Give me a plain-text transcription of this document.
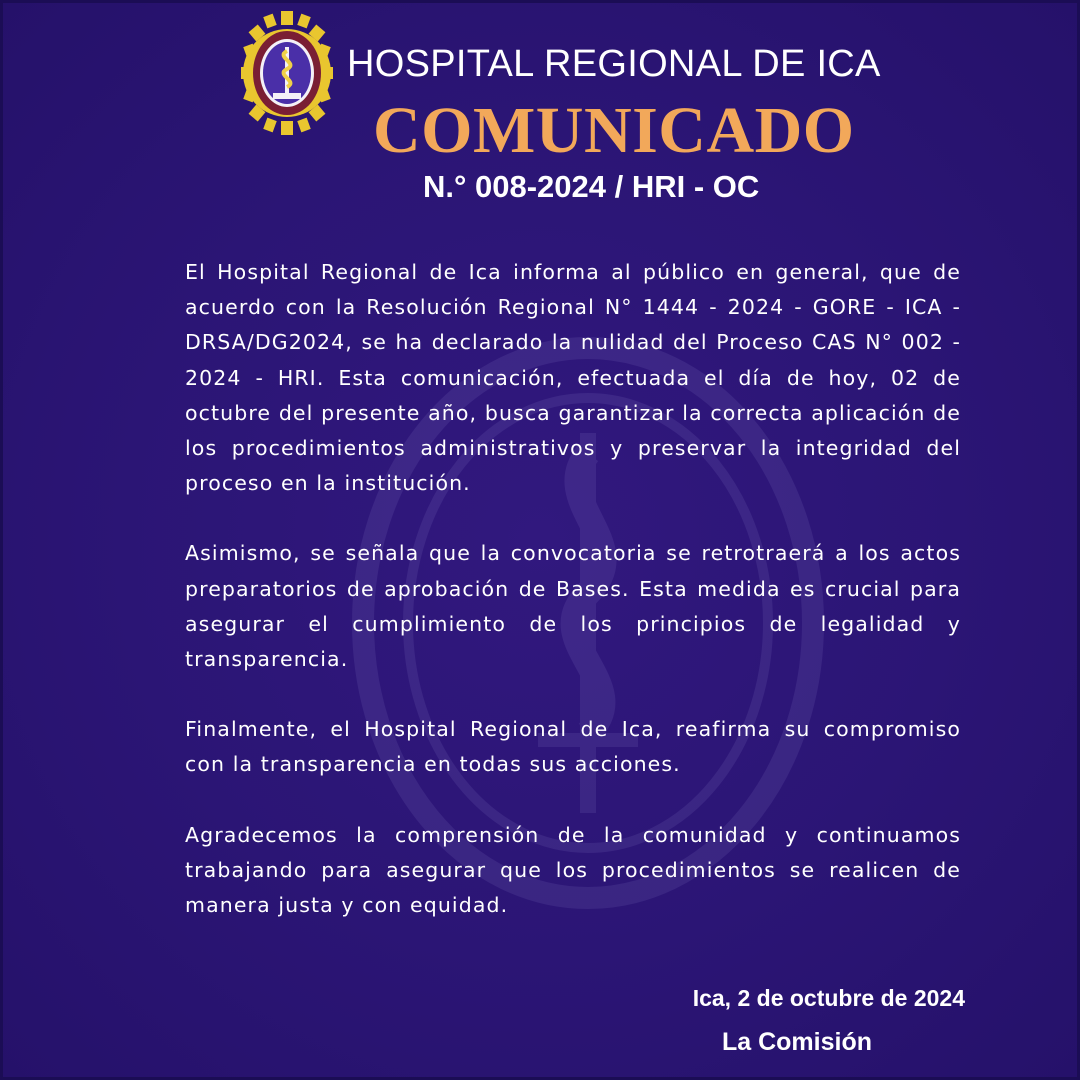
HOSPITAL REGIONAL DE ICA
COMUNICADO
N.° 008-2024 / HRI - OC

El Hospital Regional de Ica informa al público en general, que de acuerdo con la Resolución Regional N° 1444 - 2024 - GORE - ICA - DRSA/DG2024, se ha declarado la nulidad del Proceso CAS N° 002 - 2024 - HRI. Esta comunicación, efectuada el día de hoy, 02 de octubre del presente año, busca garantizar la correcta aplicación de los procedimientos administrativos y preservar la integridad del proceso en la institución.

Asimismo, se señala que la convocatoria se retrotraerá a los actos preparatorios de aprobación de Bases. Esta medida es crucial para asegurar el cumplimiento de los principios de legalidad y transparencia.

Finalmente, el Hospital Regional de Ica, reafirma su compromiso con la transparencia en todas sus acciones.

Agradecemos la comprensión de la comunidad y continuamos trabajando para asegurar que los procedimientos se realicen de manera justa y con equidad.

Ica, 2 de octubre de 2024
La Comisión
